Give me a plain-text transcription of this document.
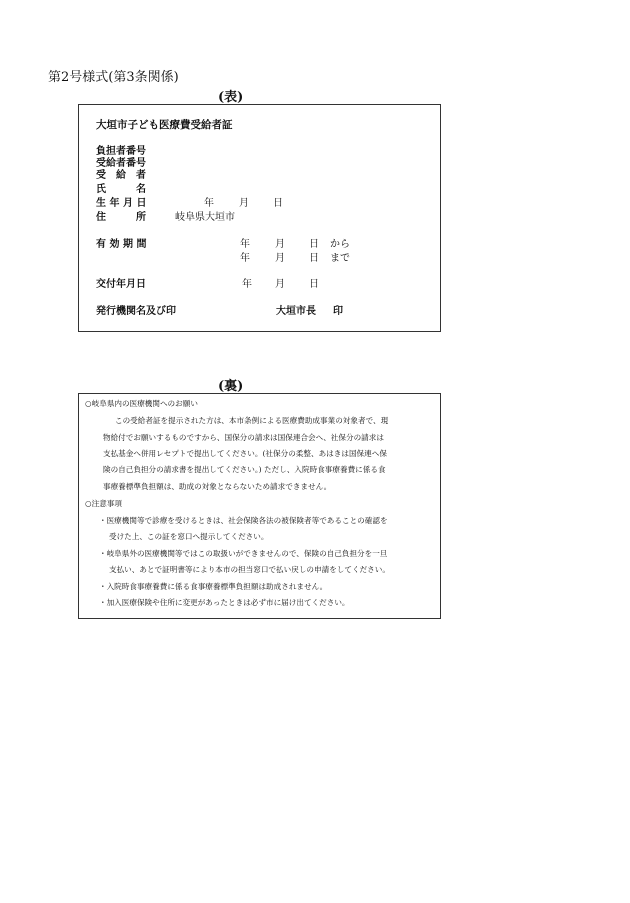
第2号様式(第3条関係)
(表)
大垣市子ども医療費受給者証
負担者番号
受給者番号
受　給　者
氏　　　名
生 年 月 日	年	月 日
住　　　所	岐阜県大垣市
有 効 期 間	年	月 日 から
年	月 日 まで
交付年月日	年 月 日
発行機関名及び印	大垣市長 印
(裏)
○岐阜県内の医療機関へのお願い
この受給者証を提示された方は、本市条例による医療費助成事業の対象者で、現
物給付でお願いするものですから、国保分の請求は国保連合会へ、社保分の請求は
支払基金へ併用レセプトで提出してください。(社保分の柔整、あはきは国保連へ保
険の自己負担分の請求書を提出してください。) ただし、入院時食事療養費に係る食
事療養標準負担額は、助成の対象とならないため請求できません。
○注意事項
・医療機関等で診療を受けるときは、社会保険各法の被保険者等であることの確認を
受けた上、この証を窓口へ提示してください。
・岐阜県外の医療機関等ではこの取扱いができませんので、保険の自己負担分を一旦
支払い、あとで証明書等により本市の担当窓口で払い戻しの申請をしてください。
・入院時食事療養費に係る食事療養標準負担額は助成されません。
・加入医療保険や住所に変更があったときは必ず市に届け出てください。
